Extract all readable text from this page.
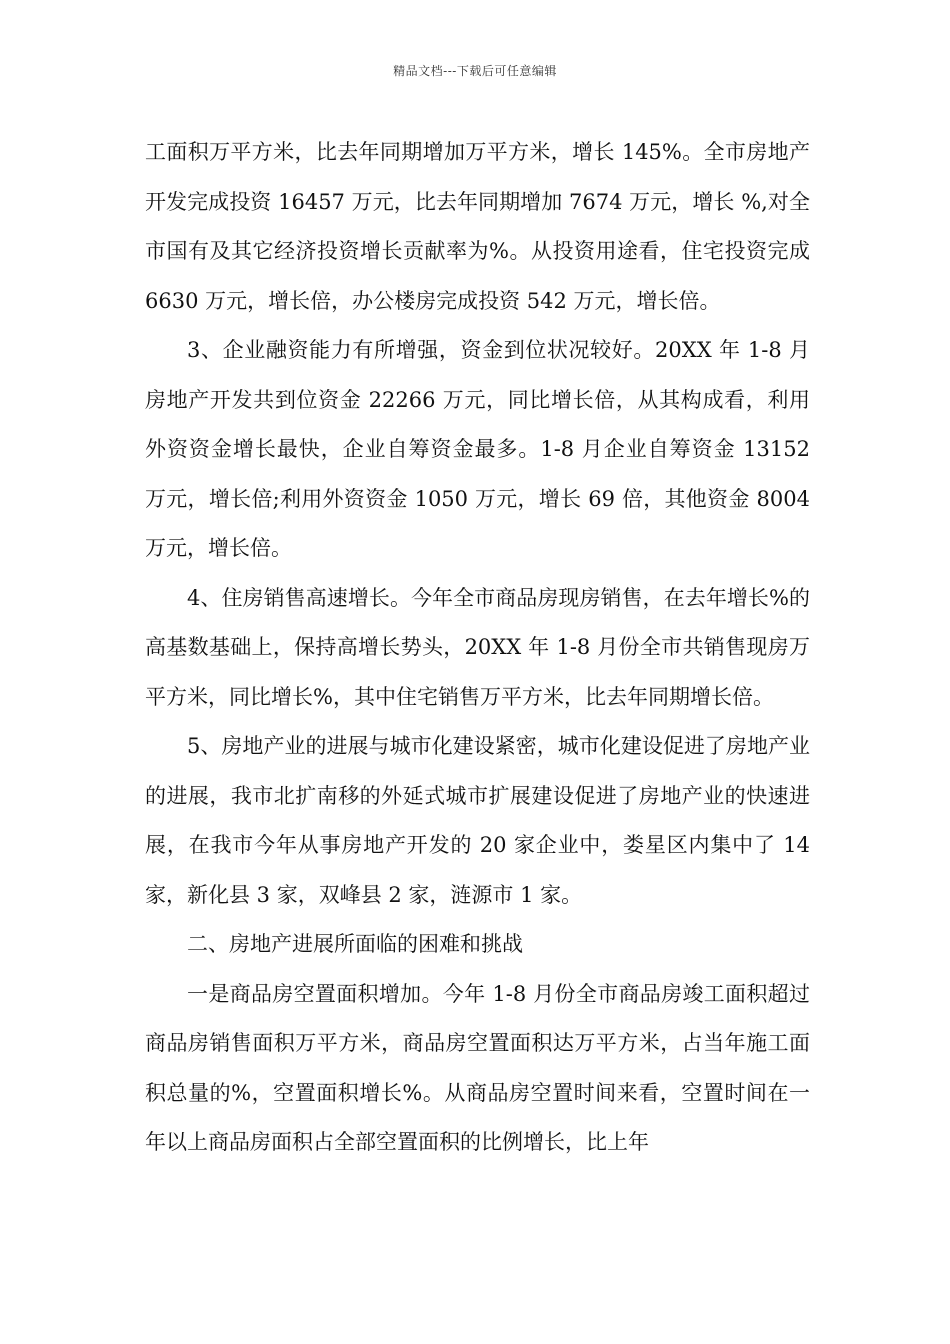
精品文档---下载后可任意编辑

工面积万平方米，比去年同期增加万平方米，增长 145%。全市房地产开发完成投资 16457 万元，比去年同期增加 7674 万元，增长 %,对全市国有及其它经济投资增长贡献率为%。从投资用途看，住宅投资完成 6630 万元，增长倍，办公楼房完成投资 542 万元，增长倍。

3、企业融资能力有所增强，资金到位状况较好。20XX 年 1-8 月房地产开发共到位资金 22266 万元，同比增长倍，从其构成看，利用外资资金增长最快，企业自筹资金最多。1-8 月企业自筹资金 13152 万元，增长倍;利用外资资金 1050 万元，增长 69 倍，其他资金 8004 万元，增长倍。

4、住房销售高速增长。今年全市商品房现房销售，在去年增长%的高基数基础上，保持高增长势头，20XX 年 1-8 月份全市共销售现房万平方米，同比增长%，其中住宅销售万平方米，比去年同期增长倍。

5、房地产业的进展与城市化建设紧密，城市化建设促进了房地产业的进展，我市北扩南移的外延式城市扩展建设促进了房地产业的快速进展，在我市今年从事房地产开发的 20 家企业中，娄星区内集中了 14 家，新化县 3 家，双峰县 2 家，涟源市 1 家。

二、房地产进展所面临的困难和挑战

一是商品房空置面积增加。今年 1-8 月份全市商品房竣工面积超过商品房销售面积万平方米，商品房空置面积达万平方米，占当年施工面积总量的%，空置面积增长%。从商品房空置时间来看，空置时间在一年以上商品房面积占全部空置面积的比例增长，比上年
